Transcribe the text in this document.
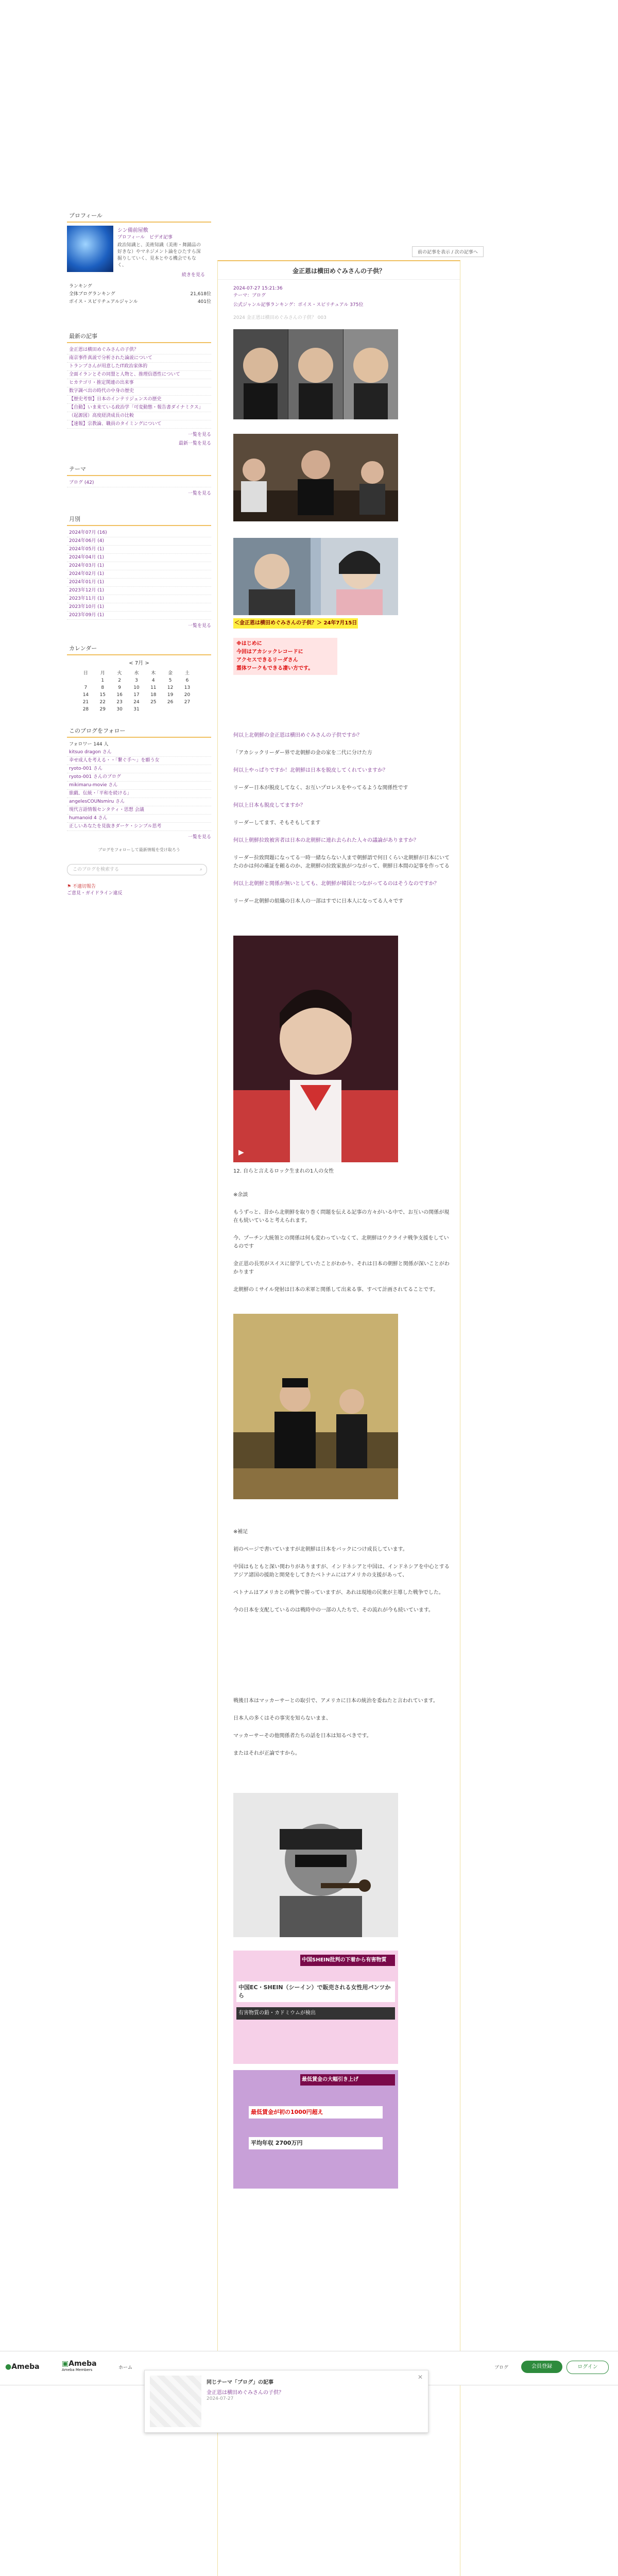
プロフィール
シン備前屋敷
プロフィール　ビデオ記事
政治知識と、美術知識（美術・舞踊品の好きな）やマネジメント論をひたすら深掘りしていく、見本とやる機会でもなく、
続きを見る
ランキング
全体ブログランキング	21,618位
ボイス・スピリチュアルジャンル	401位
最新の記事
金正恩は横田めぐみさんの子供？
南京事件真説で分析された論説について
トランプさんが用意したIT政治家体的
全面イランとその同盟と人物と、推理信憑性について
ヒカテゴリ・推定関連の出来事
数字調べ出の時代の中身の歴史
【歴史考察】日本のインテリジェンスの歴史
【自動】いま来ている政治学「可変動態・報告書ダイナミクス」
（起源図）高度経済成長の比較
【速報】宗教論、職員のタイミングについて
一覧を見る
最新一覧を見る
テーマ
ブログ (42)
一覧を見る
月別
2024年07月 (16)
2024年06月 (4)
2024年05月 (1)
2024年04月 (1)
2024年03月 (1)
2024年02月 (1)
2024年01月 (1)
2023年12月 (1)
2023年11月 (1)
2023年10月 (1)
2023年09月 (1)
一覧を見る
カレンダー
< 7月 >
日	月	火	水	木	金	土
	1	2	3	4	5	6
7	8	9	10	11	12	13
14	15	16	17	18	19	20
21	22	23	24	25	26	27
28	29	30	31			
このブログをフォロー
フォロワー 144 人
kitsuo dragon さん
幸せ成人を考える・・「繋ぐ手～」を願う女
ryoto-001 さん
ryoto-001 さんのブログ
mikimaru-movie さん
旅戯、伝統・「平和を続ける」
angelesCOUNsmiru さん
現代言語情報センタティ・思想 会議
humanoid 4 さん
正しいあなたを見抜きダーケ・シンプル思考
一覧を見る
ブログをフォローして最新情報を受け取ろう
このブログを検索する	⌕
⚑ 不適切報告
ご意見・ガイドライン違反
前の記事を表示 / 次の記事へ
金正恩は横田めぐみさんの子供？
2024-07-27 15:21:36
テーマ：ブログ
公式ジャンル記事ランキング：ボイス・スピリチュアル 375位
2024 金正恩は横田めぐみさんの子供？ 003

＜金正恩は横田めぐみさんの子供？＞ 24年7月15日
※はじめに
今回はアカシックレコードに
アクセスできるリーダさん
霊体ワークもできる凄い方です。
何以上北朝鮮の金正恩は横田めぐみさんの子供ですか？
「アカシックリーダー界で北朝鮮の金の家を二代に分けた方
何以上やっぱりですか！北朝鮮は日本を脱皮してくれていますか？
リーダー日本が脱皮してなく、お互いプロレスをやってるような関係性です
何以上日本も脱皮してますか？
リーダーしてます、そもそもしてます
何以上朝鮮拉致被害者は日本の北朝鮮に連れ去られた人々の議論がありますか？
リーダー拉致問題になってる一時一緒ならない人まで朝鮮語で何日くらい北朝鮮が日本にいてたのかは何の確証を頼るのか、北朝鮮の拉致家族がつながって、朝鮮日本間の記事を作ってる
何以上北朝鮮と関係が無いとしても、北朝鮮が韓国とつながってるのはそうなのですか？
リーダー北朝鮮の組織の日本人の一部はすでに日本人になってる人々です
▶
12. 自らと言えるロック生まれの1人の女性
※余談
もうずっと、昔から北朝鮮を取り巻く問題を伝える記事の方々がいる中で、お互いの関係が現在も続いていると考えられます。
今、プーチン大統領との関係は何も変わっていなくて、北朝鮮はウクライナ戦争支援をしているのです
金正恩の長男がスイスに留学していたことがわかり、それは日本の朝鮮と関係が深いことがわかります
北朝鮮のミサイル発射は日本の米軍と関係して出来る事、すべて計画されてることです。
※補足
初のページで書いていますが北朝鮮は日本をバックにつけ成長しています。
中国はもともと深い関わりがありますが、インドネシアと中国は、インドネシアを中心とするアジア諸国の援助と開発をしてきたベトナムにはアメリカの支援があって、
ベトナムはアメリカとの戦争で勝っていますが、あれは現地の民衆が主導した戦争でした。
今の日本を支配しているのは戦時中の一部の人たちで、その流れが今も続いています。
戦後日本はマッカーサーとの取引で、アメリカに日本の統治を委ねたと言われています。
日本人の多くはその事実を知らないまま、
マッカーサーその他関係者たちの話を日本は知るべきです。
またはそれが正論ですから。
中国SHEIN批判の下着から有害物質
中国EC・SHEIN（シーイン）で販売される女性用パンツから
有害物質の鉛・カドミウムが検出
最低賃金の大幅引き上げ
最低賃金が初の1000円超え
平均年収 2700万円
●Ameba	▣Ameba
Ameba Members	ホーム	ブログ	会員登録	ログイン
同じテーマ「ブログ」の記事
金正恩は横田めぐみさんの子供？
2024-07-27
✕
